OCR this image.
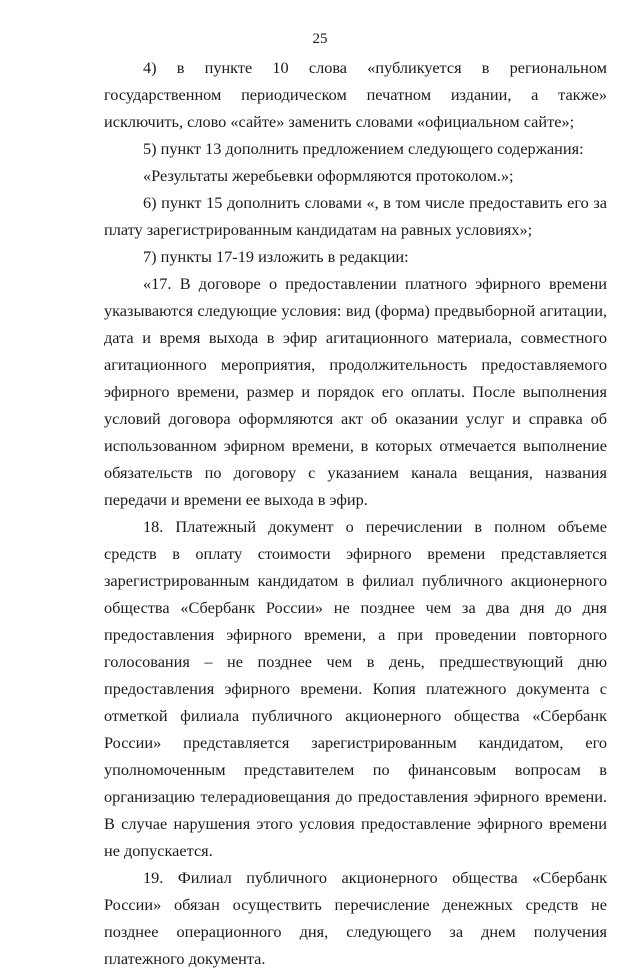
25

4) в пункте 10 слова «публикуется в региональном государственном периодическом печатном издании, а также» исключить, слово «сайте» заменить словами «официальном сайте»;

5) пункт 13 дополнить предложением следующего содержания:

«Результаты жеребьевки оформляются протоколом.»;

6) пункт 15 дополнить словами «, в том числе предоставить его за плату зарегистрированным кандидатам на равных условиях»;

7) пункты 17-19 изложить в редакции:

«17. В договоре о предоставлении платного эфирного времени указываются следующие условия: вид (форма) предвыборной агитации, дата и время выхода в эфир агитационного материала, совместного агитационного мероприятия, продолжительность предоставляемого эфирного времени, размер и порядок его оплаты. После выполнения условий договора оформляются акт об оказании услуг и справка об использованном эфирном времени, в которых отмечается выполнение обязательств по договору с указанием канала вещания, названия передачи и времени ее выхода в эфир.

18. Платежный документ о перечислении в полном объеме средств в оплату стоимости эфирного времени представляется зарегистрированным кандидатом в филиал публичного акционерного общества «Сбербанк России» не позднее чем за два дня до дня предоставления эфирного времени, а при проведении повторного голосования – не позднее чем в день, предшествующий дню предоставления эфирного времени. Копия платежного документа с отметкой филиала публичного акционерного общества «Сбербанк России» представляется зарегистрированным кандидатом, его уполномоченным представителем по финансовым вопросам в организацию телерадиовещания до предоставления эфирного времени. В случае нарушения этого условия предоставление эфирного времени не допускается.

19. Филиал публичного акционерного общества «Сбербанк России» обязан осуществить перечисление денежных средств не позднее операционного дня, следующего за днем получения платежного документа.
